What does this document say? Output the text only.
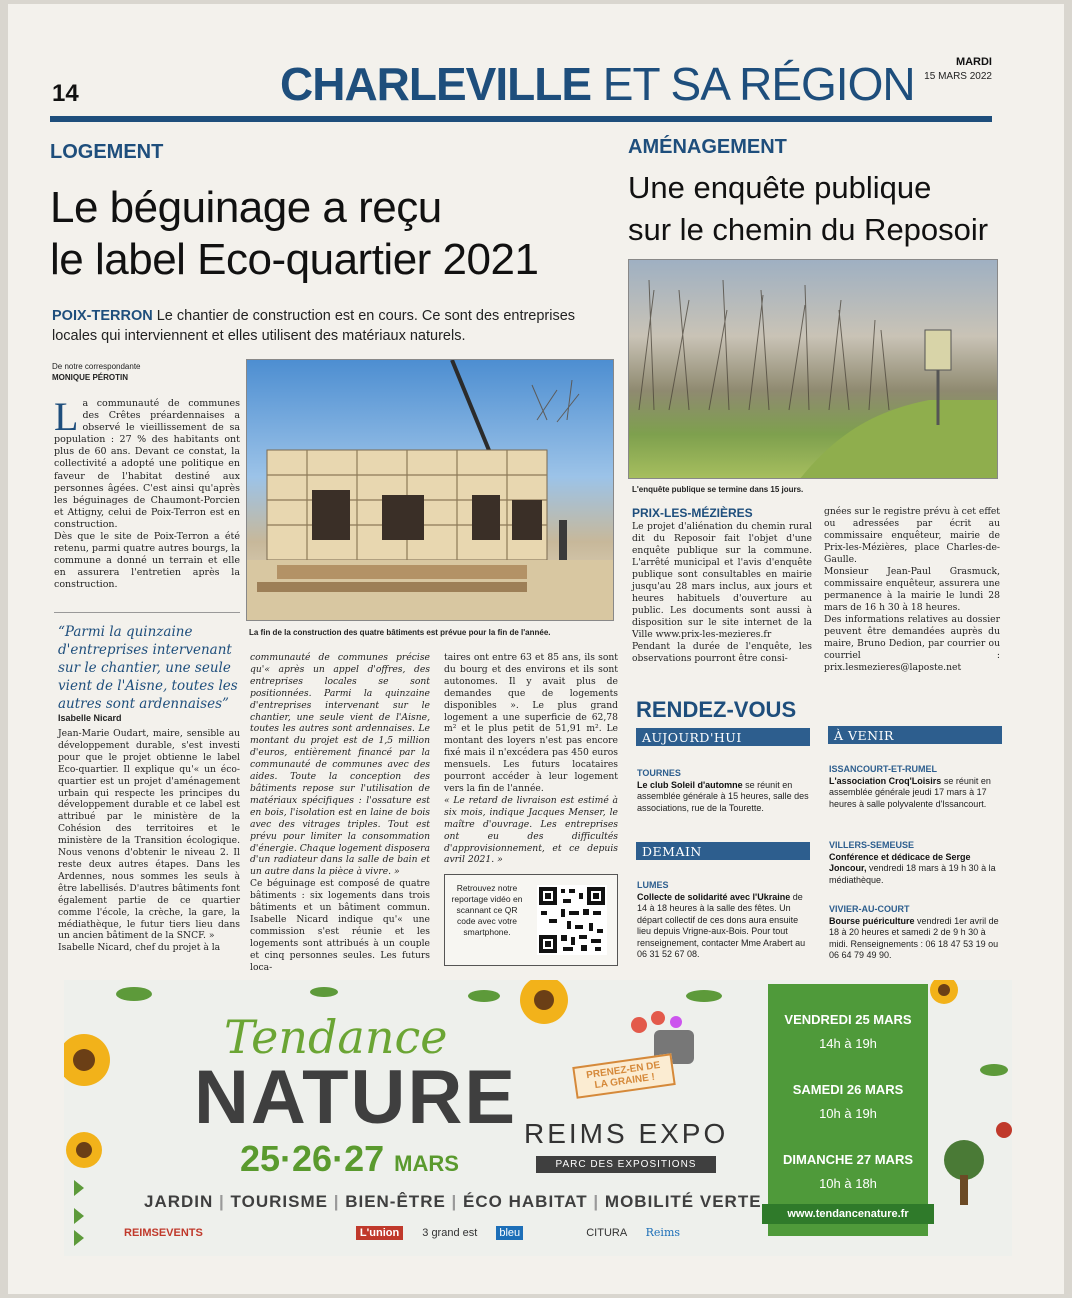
14	CHARLEVILLE ET SA RÉGION	MARDI
15 MARS 2022
LOGEMENT
Le béguinage a reçu
le label Eco-quartier 2021
POIX-TERRON Le chantier de construction est en cours. Ce sont des entreprises
locales qui interviennent et elles utilisent des matériaux naturels.
De notre correspondante
MONIQUE PÉROTIN
L a communauté de communes des Crêtes préardennaises a observé le vieillissement de sa population : 27 % des habitants ont plus de 60 ans. Devant ce constat, la collectivité a adopté une politique en faveur de l'habitat destiné aux personnes âgées. C'est ainsi qu'après les béguinages de Chaumont-Porcien et Attigny, celui de Poix-Terron est en construction.

Dès que le site de Poix-Terron a été retenu, parmi quatre autres bourgs, la commune a donné un terrain et elle en assurera l'entretien après la construction.

“Parmi la quinzaine d'entreprises intervenant sur le chantier, une seule vient de l'Aisne, toutes les autres sont ardennaises”
Isabelle Nicard

Jean-Marie Oudart, maire, sensible au développement durable, s'est investi pour que le projet obtienne le label Eco-quartier. Il explique qu'« un éco-quartier est un projet d'aménagement urbain qui respecte les principes du développement durable et ce label est attribué par le ministère de la Cohésion des territoires et le ministère de la Transition écologique. Nous venons d'obtenir le niveau 2. Il reste deux autres étapes. Dans les Ardennes, nous sommes les seuls à être labellisés. D'autres bâtiments font également partie de ce quartier comme l'école, la crèche, la gare, la médiathèque, le futur tiers lieu dans un ancien bâtiment de la SNCF. »

Isabelle Nicard, chef du projet à la

La fin de la construction des quatre bâtiments est prévue pour la fin de l'année.

communauté de communes précise qu'« après un appel d'offres, des entreprises locales se sont positionnées. Parmi la quinzaine d'entreprises intervenant sur le chantier, une seule vient de l'Aisne, toutes les autres sont ardennaises. Le montant du projet est de 1,5 million d'euros, entièrement financé par la communauté de communes avec des aides. Toute la conception des bâtiments repose sur l'utilisation de matériaux spécifiques : l'ossature est en bois, l'isolation est en laine de bois avec des vitrages triples. Tout est prévu pour limiter la consommation d'énergie. Chaque logement disposera d'un radiateur dans la salle de bain et un autre dans la pièce à vivre. »

Ce béguinage est composé de quatre bâtiments : six logements dans trois bâtiments et un bâtiment commun. Isabelle Nicard indique qu'« une commission s'est réunie et les logements sont attribués à un couple et cinq personnes seules. Les futurs loca-

taires ont entre 63 et 85 ans, ils sont du bourg et des environs et ils sont autonomes. Il y avait plus de demandes que de logements disponibles ». Le plus grand logement a une superficie de 62,78 m² et le plus petit de 51,91 m². Le montant des loyers n'est pas encore fixé mais il n'excédera pas 450 euros mensuels. Les futurs locataires pourront accéder à leur logement vers la fin de l'année.

« Le retard de livraison est estimé à six mois, indique Jacques Menser, le maître d'ouvrage. Les entreprises ont eu des difficultés d'approvisionnement, et ce depuis avril 2021. »

Retrouvez notre reportage vidéo en scannant ce QR code avec votre smartphone.
AMÉNAGEMENT
Une enquête publique
sur le chemin du Reposoir
L'enquête publique se termine dans 15 jours.
PRIX-LES-MÉZIÈRES

Le projet d'aliénation du chemin rural dit du Reposoir fait l'objet d'une enquête publique sur la commune. L'arrêté municipal et l'avis d'enquête publique sont consultables en mairie jusqu'au 28 mars inclus, aux jours et heures habituels d'ouverture au public. Les documents sont aussi à disposition sur le site internet de la Ville www.prix-les-mezieres.fr

Pendant la durée de l'enquête, les observations pourront être consi-

gnées sur le registre prévu à cet effet ou adressées par écrit au commissaire enquêteur, mairie de Prix-les-Mézières, place Charles-de-Gaulle.

Monsieur Jean-Paul Grasmuck, commissaire enquêteur, assurera une permanence à la mairie le lundi 28 mars de 16 h 30 à 18 heures.

Des informations relatives au dossier peuvent être demandées auprès du maire, Bruno Dedion, par courrier ou courriel : prix.lesmezieres@laposte.net

RENDEZ-VOUS
AUJOURD'HUI	À VENIR
TOURNES
Le club Soleil d'automne se réunit en assemblée générale à 15 heures, salle des associations, rue de la Tourette.
DEMAIN
LUMES
Collecte de solidarité avec l'Ukraine de 14 à 18 heures à la salle des fêtes. Un départ collectif de ces dons aura ensuite lieu depuis Vrigne-aux-Bois. Pour tout renseignement, contacter Mme Arabert au 06 31 52 67 08.
ISSANCOURT-ET-RUMEL
L'association Croq'Loisirs se réunit en assemblée générale jeudi 17 mars à 17 heures à salle polyvalente d'Issancourt.
VILLERS-SEMEUSE
Conférence et dédicace de Serge Joncour, vendredi 18 mars à 19 h 30 à la médiathèque.
VIVIER-AU-COURT
Bourse puériculture vendredi 1er avril de 18 à 20 heures et samedi 2 de 9 h 30 à midi. Renseignements : 06 18 47 53 19 ou 06 64 79 49 90.
Tendance
NATURE
25·26·27 MARS
PRENEZ-EN DE LA GRAINE !
REIMS EXPO
PARC DES EXPOSITIONS
JARDIN | TOURISME | BIEN-ÊTRE | ÉCO HABITAT | MOBILITÉ VERTE
REIMSEVENTS	L'union 3 grand est bleu	CITURA Reims
VENDREDI 25 MARS
14h à 19h
SAMEDI 26 MARS
10h à 19h
DIMANCHE 27 MARS
10h à 18h
www.tendancenature.fr
